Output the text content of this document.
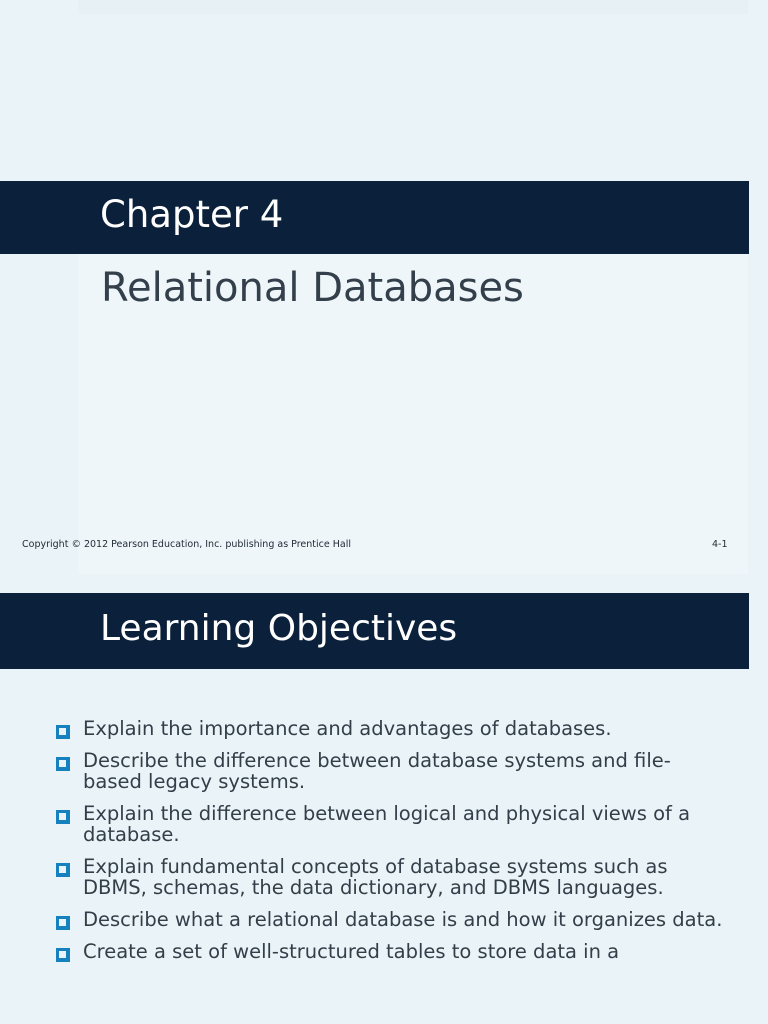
Chapter 4
Relational Databases
Copyright © 2012 Pearson Education, Inc. publishing as Prentice Hall	4-1
Learning Objectives
Explain the importance and advantages of databases.
Describe the difference between database systems and file-based legacy systems.
Explain the difference between logical and physical views of a database.
Explain fundamental concepts of database systems such as DBMS, schemas, the data dictionary, and DBMS languages.
Describe what a relational database is and how it organizes data.
Create a set of well-structured tables to store data in a
